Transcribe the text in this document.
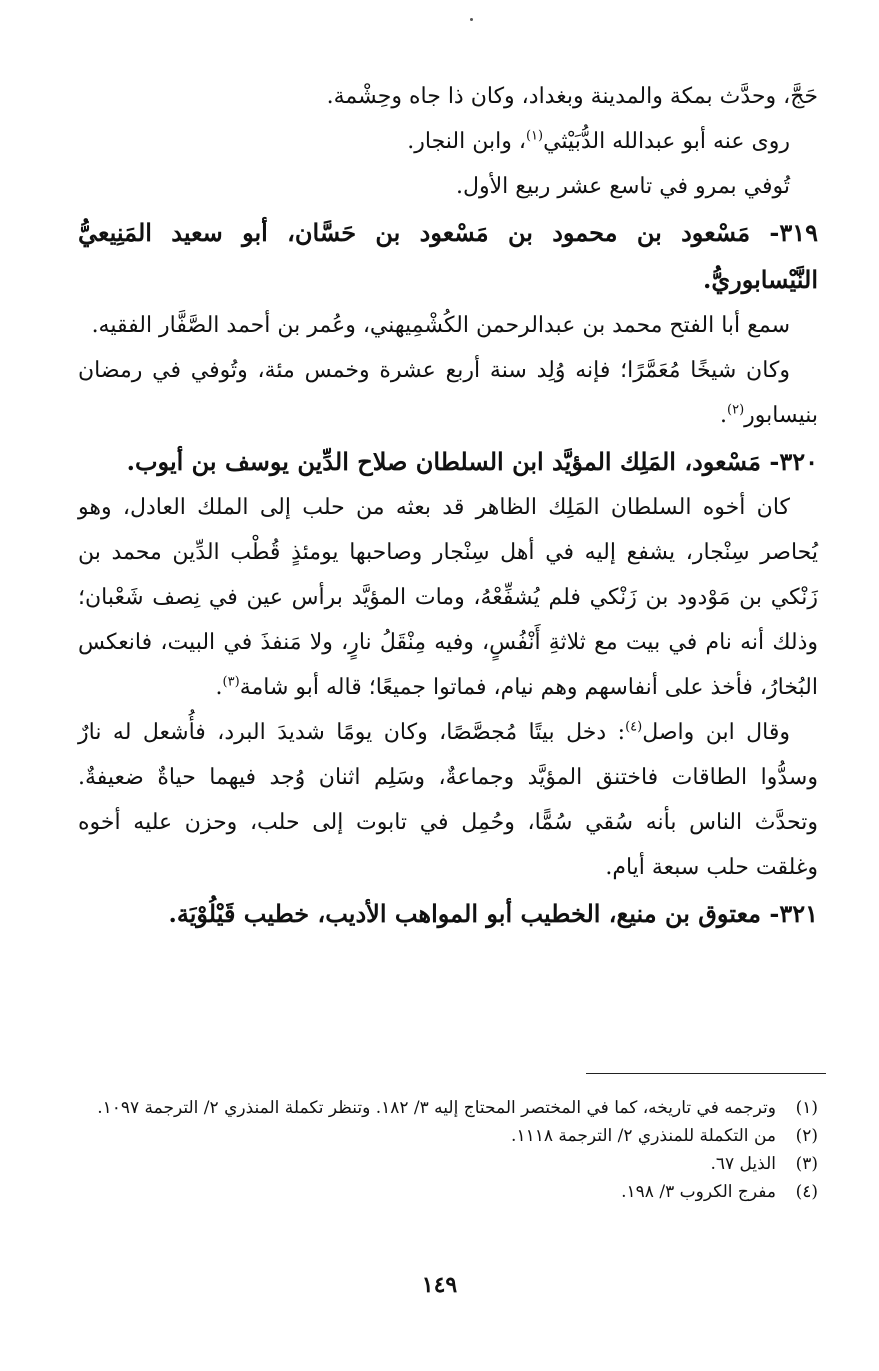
حَجَّ، وحدَّث بمكة والمدينة وبغداد، وكان ذا جاه وحِشْمة.

روى عنه أبو عبدالله الدُّبَيْثي$^{(١)}$، وابن النجار.

تُوفي بمرو في تاسع عشر ربيع الأول.

٣١٩- مَسْعود بن محمود بن مَسْعود بن حَسَّان، أبو سعيد المَنِيعيُّ النَّيْسابوريُّ.

سمع أبا الفتح محمد بن عبدالرحمن الكُشْمِيهني، وعُمر بن أحمد الصَّفَّار الفقيه.

وكان شيخًا مُعَمَّرًا؛ فإنه وُلِد سنة أربع عشرة وخمس مئة، وتُوفي في رمضان بنيسابور$^{(٢)}$.

٣٢٠- مَسْعود، المَلِك المؤيَّد ابن السلطان صلاح الدِّين يوسف بن أيوب.

كان أخوه السلطان المَلِك الظاهر قد بعثه من حلب إلى الملك العادل، وهو يُحاصر سِنْجار، يشفع إليه في أهل سِنْجار وصاحبها يومئذٍ قُطْب الدِّين محمد بن زَنْكي بن مَوْدود بن زَنْكي فلم يُشفِّعْهُ، ومات المؤيَّد برأس عين في نِصف شَعْبان؛ وذلك أنه نام في بيت مع ثلاثةِ أَنْفُسٍ، وفيه مِنْقَلُ نارٍ، ولا مَنفذَ في البيت، فانعكس البُخارُ، فأخذ على أنفاسهم وهم نيام، فماتوا جميعًا؛ قاله أبو شامة$^{(٣)}$.

وقال ابن واصل$^{(٤)}$: دخل بيتًا مُجصَّصًا، وكان يومًا شديدَ البرد، فأُشعل له نارٌ وسدُّوا الطاقات فاختنق المؤيَّد وجماعةٌ، وسَلِم اثنان وُجد فيهما حياةٌ ضعيفةٌ. وتحدَّث الناس بأنه سُقي سُمًّا، وحُمِل في تابوت إلى حلب، وحزن عليه أخوه وغلقت حلب سبعة أيام.

٣٢١- معتوق بن منيع، الخطيب أبو المواهب الأديب، خطيب قَيْلُوْيَة.

(١)
وترجمه في تاريخه، كما في المختصر المحتاج إليه ٣/ ١٨٢. وتنظر تكملة المنذري ٢/ الترجمة ١٠٩٧.
(٢)
من التكملة للمنذري ٢/ الترجمة ١١١٨.
(٣)
الذيل ٦٧.
(٤)
مفرج الكروب ٣/ ١٩٨.
١٤٩
